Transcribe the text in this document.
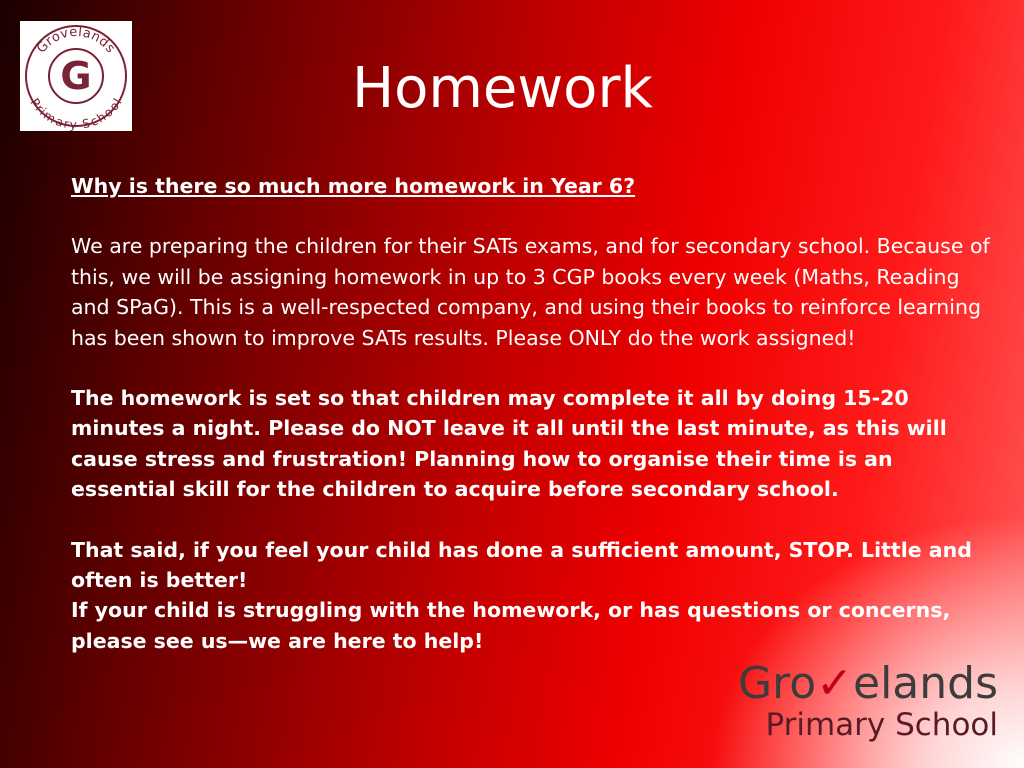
Grovelands
Primary School
G	Homework

Why is there so much more homework in Year 6?

We are preparing the children for their SATs exams, and for secondary school. Because of this, we will be assigning homework in up to 3 CGP books every week (Maths, Reading and SPaG). This is a well-respected company, and using their books to reinforce learning has been shown to improve SATs results. Please ONLY do the work assigned!

The homework is set so that children may complete it all by doing 15-20 minutes a night. Please do NOT leave it all until the last minute, as this will cause stress and frustration! Planning how to organise their time is an essential skill for the children to acquire before secondary school.

That said, if you feel your child has done a sufficient amount, STOP. Little and often is better!

If your child is struggling with the homework, or has questions or concerns, please see us—we are here to help!

Gro✓elands
Primary School
